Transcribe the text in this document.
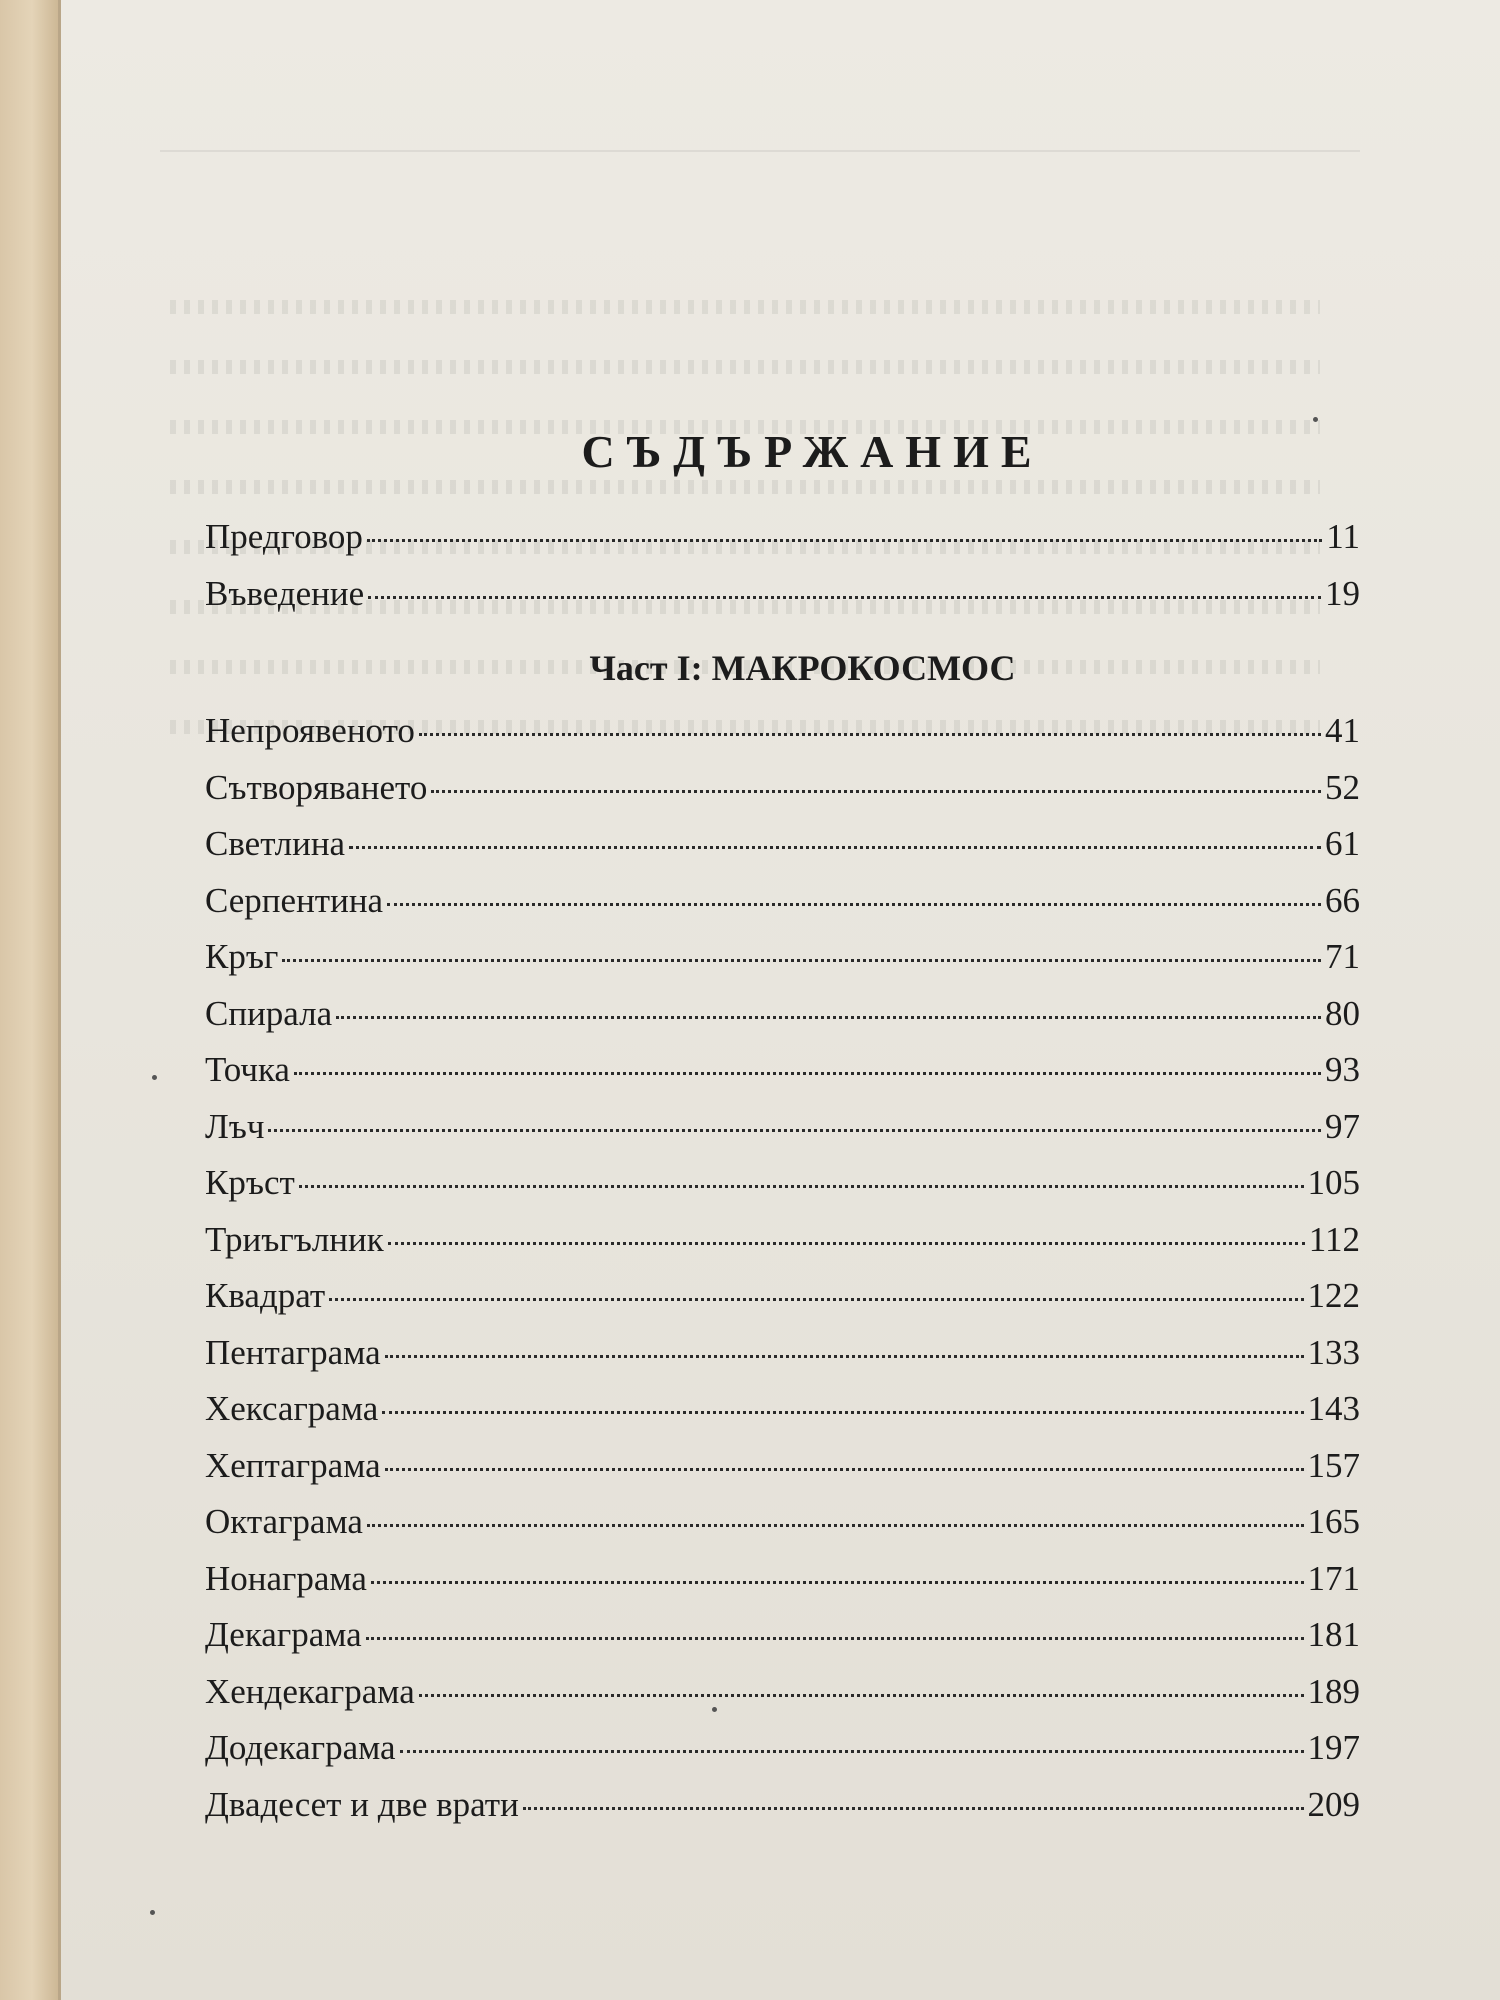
СЪДЪРЖАНИЕ
Предговор	11
Въведение	19
Част I: МАКРОКОСМОС
Непроявеното	41
Сътворяването	52
Светлина	61
Серпентина	66
Кръг	71
Спирала	80
Точка	93
Лъч	97
Кръст	105
Триъгълник	112
Квадрат	122
Пентаграма	133
Хексаграма	143
Хептаграма	157
Октаграма	165
Нонаграма	171
Декаграма	181
Хендекаграма	189
Додекаграма	197
Двадесет и две врати	209
